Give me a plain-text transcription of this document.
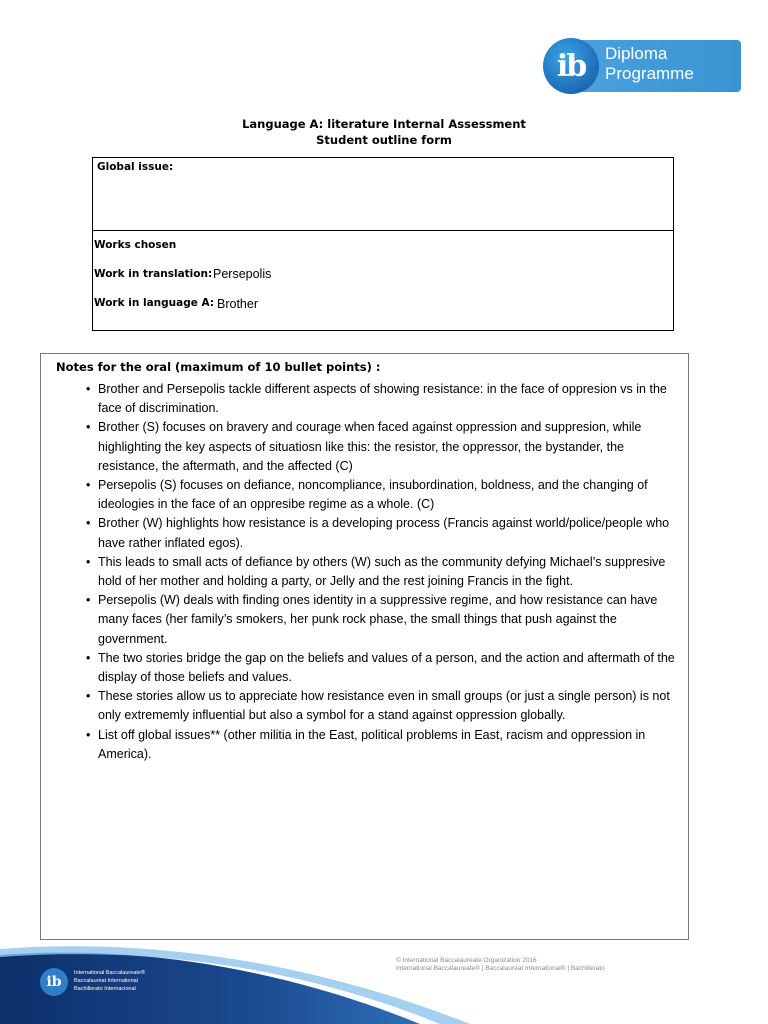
ib Diploma
Programme
Language A: literature Internal Assessment
Student outline form
Global issue:
Works chosen
Work in translation: Persepolis
Work in language A: Brother
Notes for the oral (maximum of 10 bullet points) :
• Brother and Persepolis tackle different aspects of showing resistance: in the face of oppresion vs in the face of discrimination.
• Brother (S) focuses on bravery and courage when faced against oppression and suppresion, while highlighting the key aspects of situatiosn like this: the resistor, the oppressor, the bystander, the resistance, the aftermath, and the affected (C)
• Persepolis (S) focuses on defiance, noncompliance, insubordination, boldness, and the changing of ideologies in the face of an oppresibe regime as a whole. (C)
• Brother (W) highlights how resistance is a developing process (Francis against world/police/people who have rather inflated egos).
• This leads to small acts of defiance by others (W) such as the community defying Michael’s suppresive hold of her mother and holding a party, or Jelly and the rest joining Francis in the fight.
• Persepolis (W) deals with finding ones identity in a suppressive regime, and how resistance can have many faces (her family’s smokers, her punk rock phase, the small things that push against the government.
• The two stories bridge the gap on the beliefs and values of a person, and the action and aftermath of the display of those beliefs and values.
• These stories allow us to appreciate how resistance even in small groups (or just a single person) is not only extrememly influential but also a symbol for a stand against oppression globally.
• List off global issues** (other militia in the East, political problems in East, racism and oppression in America).
ib
International Baccalaureate®
Baccalauréat International
Bachillerato Internacional
© International Baccalaureate Organization 2016
International Baccalaureate® | Baccalauréat International® | Bachillerato
